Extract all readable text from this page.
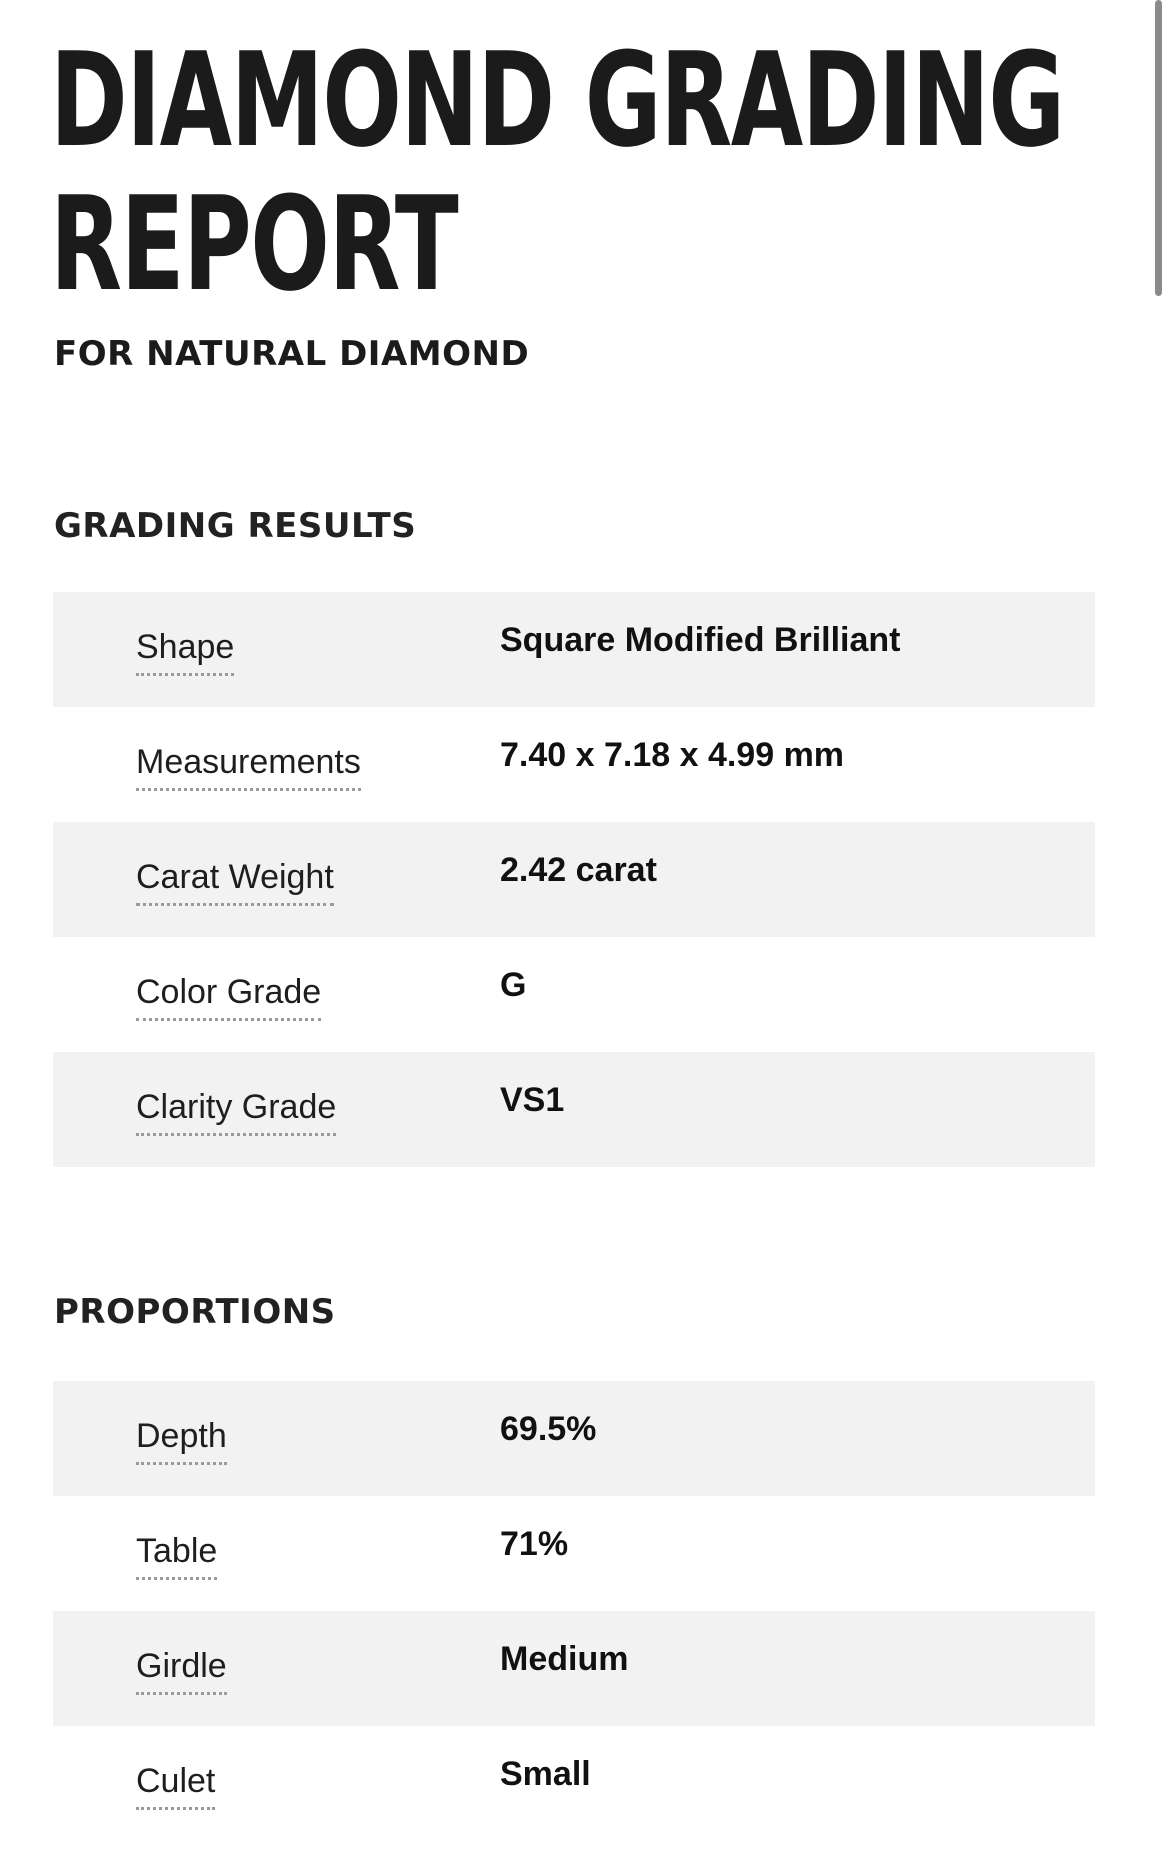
DIAMOND GRADING
REPORT
FOR NATURAL DIAMOND
GRADING RESULTS
Shape	Square Modified Brilliant
Measurements	7.40 x 7.18 x 4.99 mm
Carat Weight	2.42 carat
Color Grade	G
Clarity Grade	VS1
PROPORTIONS
Depth	69.5%
Table	71%
Girdle	Medium
Culet	Small
